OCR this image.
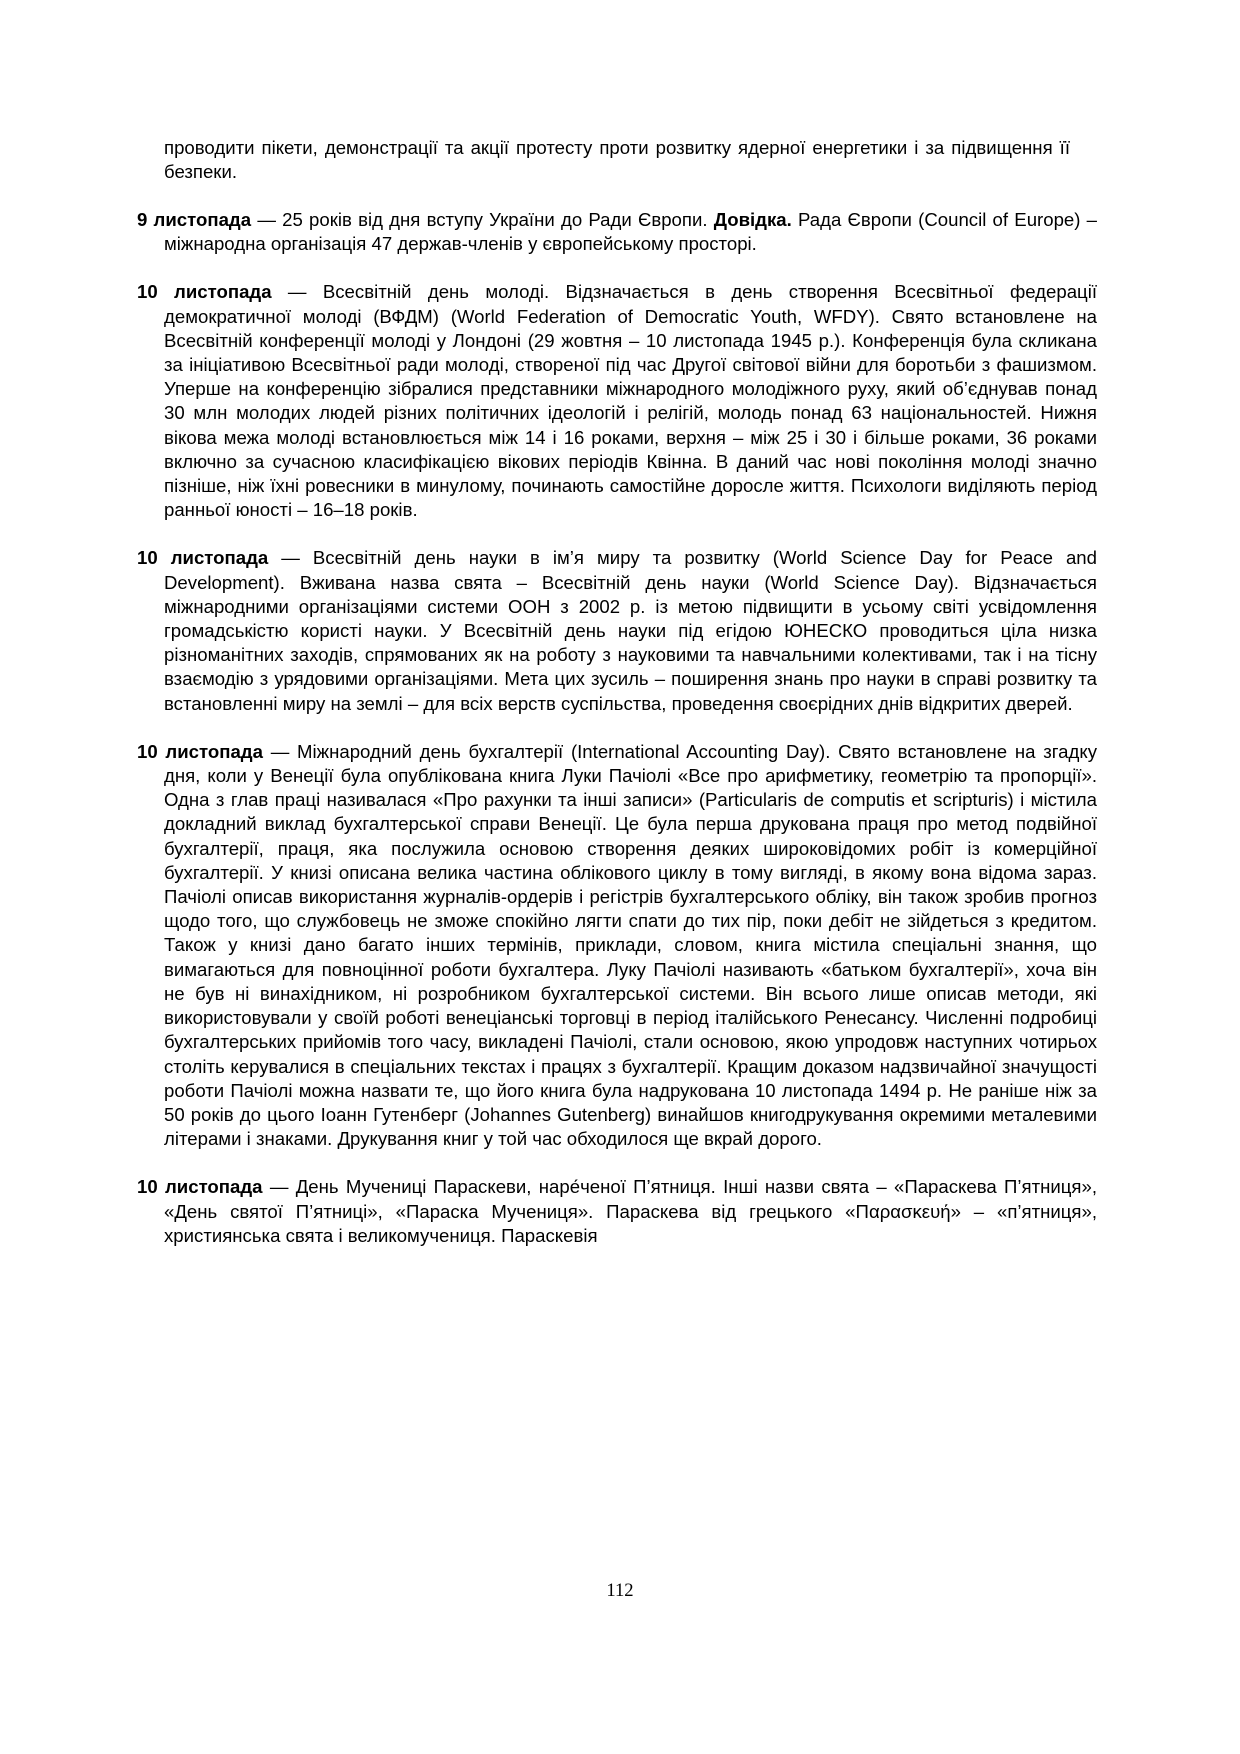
проводити пікети, демонстрації та акції протесту проти розвитку ядерної енергетики і за підвищення її безпеки.

9 листопада — 25 років від дня вступу України до Ради Європи. Довідка. Рада Європи (Council of Europe) – міжнародна організація 47 держав-членів у європейському просторі.

10 листопада — Всесвітній день молоді. Відзначається в день створення Всесвітньої федерації демократичної молоді (ВФДМ) (World Federation of Democratic Youth, WFDY). Свято встановлене на Всесвітній конференції молоді у Лондоні (29 жовтня – 10 листопада 1945 р.). Конференція була скликана за ініціативою Всесвітньої ради молоді, створеної під час Другої світової війни для боротьби з фашизмом. Уперше на конференцію зібралися представники міжнародного молодіжного руху, який об’єднував понад 30 млн молодих людей різних політичних ідеологій і релігій, молодь понад 63 національностей. Нижня вікова межа молоді встановлюється між 14 і 16 роками, верхня – між 25 і 30 і більше роками, 36 роками включно за сучасною класифікацією вікових періодів Квінна. В даний час нові покоління молоді значно пізніше, ніж їхні ровесники в минулому, починають самостійне доросле життя. Психологи виділяють період ранньої юності – 16–18 років.

10 листопада — Всесвітній день науки в ім’я миру та розвитку (World Science Day for Peace and Development). Вживана назва свята – Всесвітній день науки (World Science Day). Відзначається міжнародними організаціями системи ООН з 2002 р. із метою підвищити в усьому світі усвідомлення громадськістю користі науки. У Всесвітній день науки під егідою ЮНЕСКО проводиться ціла низка різноманітних заходів, спрямованих як на роботу з науковими та навчальними колективами, так і на тісну взаємодію з урядовими організаціями. Мета цих зусиль – поширення знань про науки в справі розвитку та встановленні миру на землі – для всіх верств суспільства, проведення своєрідних днів відкритих дверей.

10 листопада — Міжнародний день бухгалтерії (International Accounting Day). Свято встановлене на згадку дня, коли у Венеції була опублікована книга Луки Пачіолі «Все про арифметику, геометрію та пропорції». Одна з глав праці називалася «Про рахунки та інші записи» (Particularis de computis et scripturis) і містила докладний виклад бухгалтерської справи Венеції. Це була перша друкована праця про метод подвійної бухгалтерії, праця, яка послужила основою створення деяких широковідомих робіт із комерційної бухгалтерії. У книзі описана велика частина облікового циклу в тому вигляді, в якому вона відома зараз. Пачіолі описав використання журналів-ордерів і регістрів бухгалтерського обліку, він також зробив прогноз щодо того, що службовець не зможе спокійно лягти спати до тих пір, поки дебіт не зійдеться з кредитом. Також у книзі дано багато інших термінів, приклади, словом, книга містила спеціальні знання, що вимагаються для повноцінної роботи бухгалтера. Луку Пачіолі називають «батьком бухгалтерії», хоча він не був ні винахідником, ні розробником бухгалтерської системи. Він всього лише описав методи, які використовували у своїй роботі венеціанські торговці в період італійського Ренесансу. Численні подробиці бухгалтерських прийомів того часу, викладені Пачіолі, стали основою, якою упродовж наступних чотирьох століть керувалися в спеціальних текстах і працях з бухгалтерії. Кращим доказом надзвичайної значущості роботи Пачіолі можна назвати те, що його книга була надрукована 10 листопада 1494 р. Не раніше ніж за 50 років до цього Іоанн Гутенберг (Johannes Gutenberg) винайшов книгодрукування окремими металевими літерами і знаками. Друкування книг у той час обходилося ще вкрай дорого.

10 листопада — День Мучениці Параскеви, наре́ченої П’ятниця. Інші назви свята – «Параскева П’ятниця», «День святої П’ятниці», «Параска Мучениця». Параскева від грецького «Παρασκευή» – «п’ятниця», християнська свята і великомучениця. Параскевія

112
